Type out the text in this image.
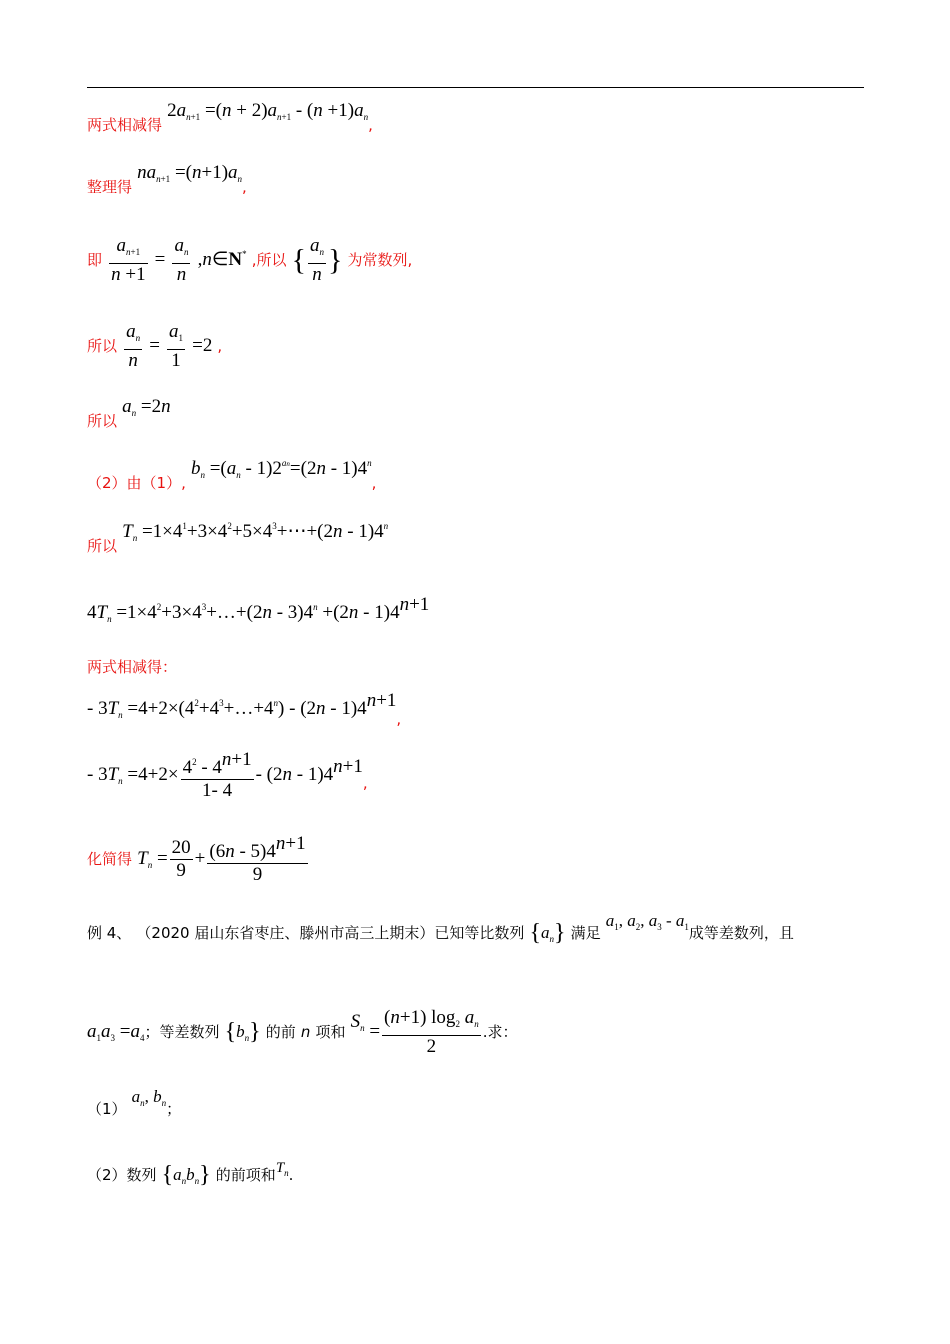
两式相减得 $2a_{n+1} =(n + 2)a_{n+1} - (n +1)a_n$,
整理得 $na_{n+1} =(n+1)a_n$,
即 $\frac{a_{n+1}}{n +1} = \frac{a_n}{n}$ ,n∈N* ,所以 { $\frac{a_n}{n}$ } 为常数列,
所以 $\frac{a_n}{n} = \frac{a_1}{1} =2$ ,
所以 $a_n =2n$
（2）由（1）, $b_n =(a_n - 1)2^{an}=(2n - 1)4^n$,
所以 $T_n$ $=1\times 4^1+3\times 4^2+5\times 4^3+\cdots+(2n - 1)4^n$
$4T_n$ $=1\times 4^2+3\times 4^3+\dots+(2n - 3)4^n +(2n - 1)4^{n+1}$
两式相减得：
- $3T_n$ $=4+2\times(4^2+4^3+\dots+4^n) - (2n - 1)4^{n+1}$,
- $3T_n =4+2\times \frac{4^2 - 4^{n+1}}{1- 4} - (2n - 1)4^{n+1}$,
化简得 $T_n = \frac{20}{9} + \frac{(6n - 5)4^{n+1}}{9}$
例 4、 （2020 届山东省枣庄、滕州市高三上期末）已知等比数列 $\{a_n\}$ 满足 $a_1$, $a_2$, $a_3 - a_1$成等差数列，且
$a_1a_3 =a_4$；等差数列 $\{b_n\}$ 的前 n 项和 $S_n = \frac{(n+1) \log_2 a_n}{2}$ .求：
（1） $a_n$, $b_n$；
（2）数列 $\{a_nb_n\}$ 的前项和$T_n$.
